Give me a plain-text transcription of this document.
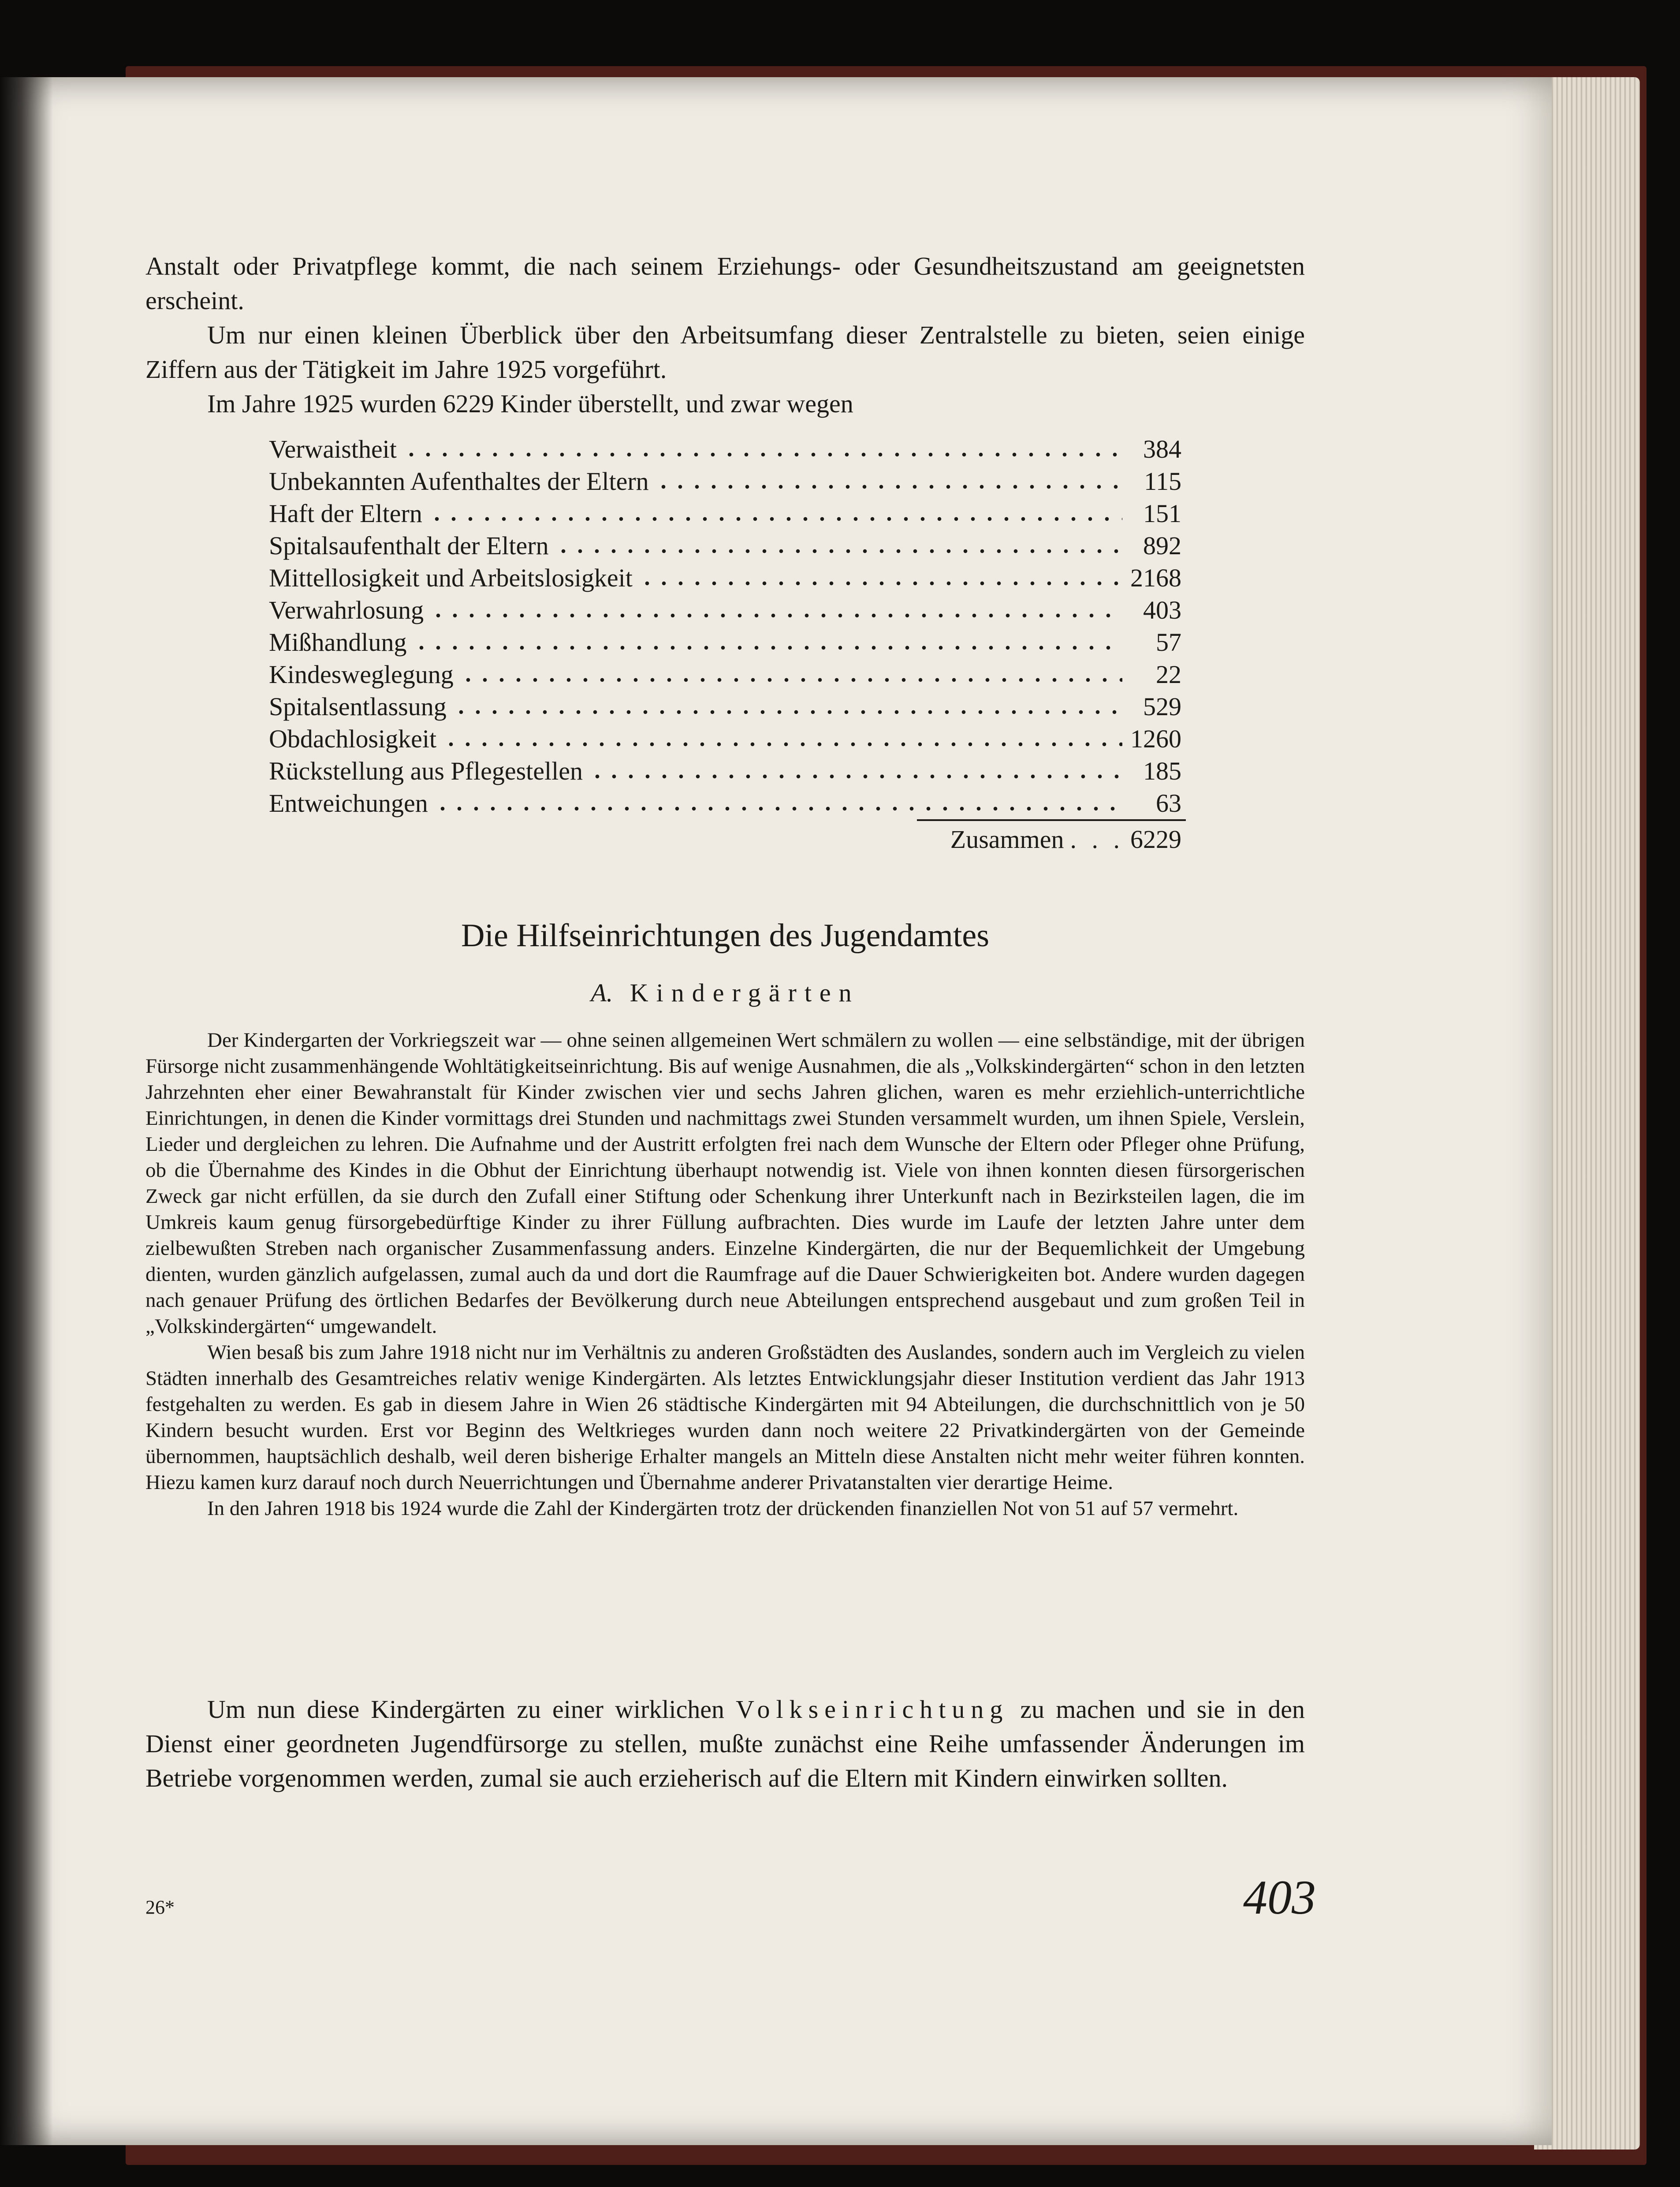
Anstalt oder Privatpflege kommt, die nach seinem Erziehungs- oder Gesundheitszustand am geeignetsten erscheint.

Um nur einen kleinen Überblick über den Arbeitsumfang dieser Zentralstelle zu bieten, seien einige Ziffern aus der Tätigkeit im Jahre 1925 vorgeführt.

Im Jahre 1925 wurden 6229 Kinder überstellt, und zwar wegen

Verwaistheit	384
Unbekannten Aufenthaltes der Eltern	115
Haft der Eltern	151
Spitalsaufenthalt der Eltern	892
Mittellosigkeit und Arbeitslosigkeit	2168
Verwahrlosung	403
Mißhandlung	57
Kindesweglegung	22
Spitalsentlassung	529
Obdachlosigkeit	1260
Rückstellung aus Pflegestellen	185
Entweichungen	63
Zusammen . . . 6229
Die Hilfseinrichtungen des Jugendamtes
A. Kindergärten

Der Kindergarten der Vorkriegszeit war — ohne seinen allgemeinen Wert schmälern zu wollen — eine selbständige, mit der übrigen Fürsorge nicht zusammenhängende Wohltätigkeitseinrichtung. Bis auf wenige Ausnahmen, die als „Volkskindergärten“ schon in den letzten Jahrzehnten eher einer Bewahranstalt für Kinder zwischen vier und sechs Jahren glichen, waren es mehr erziehlich-unterrichtliche Einrichtungen, in denen die Kinder vormittags drei Stunden und nachmittags zwei Stunden versammelt wurden, um ihnen Spiele, Verslein, Lieder und dergleichen zu lehren. Die Aufnahme und der Austritt erfolgten frei nach dem Wunsche der Eltern oder Pfleger ohne Prüfung, ob die Übernahme des Kindes in die Obhut der Einrichtung überhaupt notwendig ist. Viele von ihnen konnten diesen fürsorgerischen Zweck gar nicht erfüllen, da sie durch den Zufall einer Stiftung oder Schenkung ihrer Unterkunft nach in Bezirksteilen lagen, die im Umkreis kaum genug fürsorgebedürftige Kinder zu ihrer Füllung aufbrachten. Dies wurde im Laufe der letzten Jahre unter dem zielbewußten Streben nach organischer Zusammenfassung anders. Einzelne Kindergärten, die nur der Bequemlichkeit der Umgebung dienten, wurden gänzlich aufgelassen, zumal auch da und dort die Raumfrage auf die Dauer Schwierigkeiten bot. Andere wurden dagegen nach genauer Prüfung des örtlichen Bedarfes der Bevölkerung durch neue Abteilungen entsprechend ausgebaut und zum großen Teil in „Volkskindergärten“ umgewandelt.

Wien besaß bis zum Jahre 1918 nicht nur im Verhältnis zu anderen Großstädten des Auslandes, sondern auch im Vergleich zu vielen Städten innerhalb des Gesamtreiches relativ wenige Kindergärten. Als letztes Entwicklungsjahr dieser Institution verdient das Jahr 1913 festgehalten zu werden. Es gab in diesem Jahre in Wien 26 städtische Kindergärten mit 94 Abteilungen, die durchschnittlich von je 50 Kindern besucht wurden. Erst vor Beginn des Weltkrieges wurden dann noch weitere 22 Privatkindergärten von der Gemeinde übernommen, hauptsächlich deshalb, weil deren bisherige Erhalter mangels an Mitteln diese Anstalten nicht mehr weiter führen konnten. Hiezu kamen kurz darauf noch durch Neuerrichtungen und Übernahme anderer Privatanstalten vier derartige Heime.

In den Jahren 1918 bis 1924 wurde die Zahl der Kindergärten trotz der drückenden finanziellen Not von 51 auf 57 vermehrt.

Um nun diese Kindergärten zu einer wirklichen Volkseinrichtung zu machen und sie in den Dienst einer geordneten Jugendfürsorge zu stellen, mußte zunächst eine Reihe umfassender Änderungen im Betriebe vorgenommen werden, zumal sie auch erzieherisch auf die Eltern mit Kindern einwirken sollten.

26*	403
